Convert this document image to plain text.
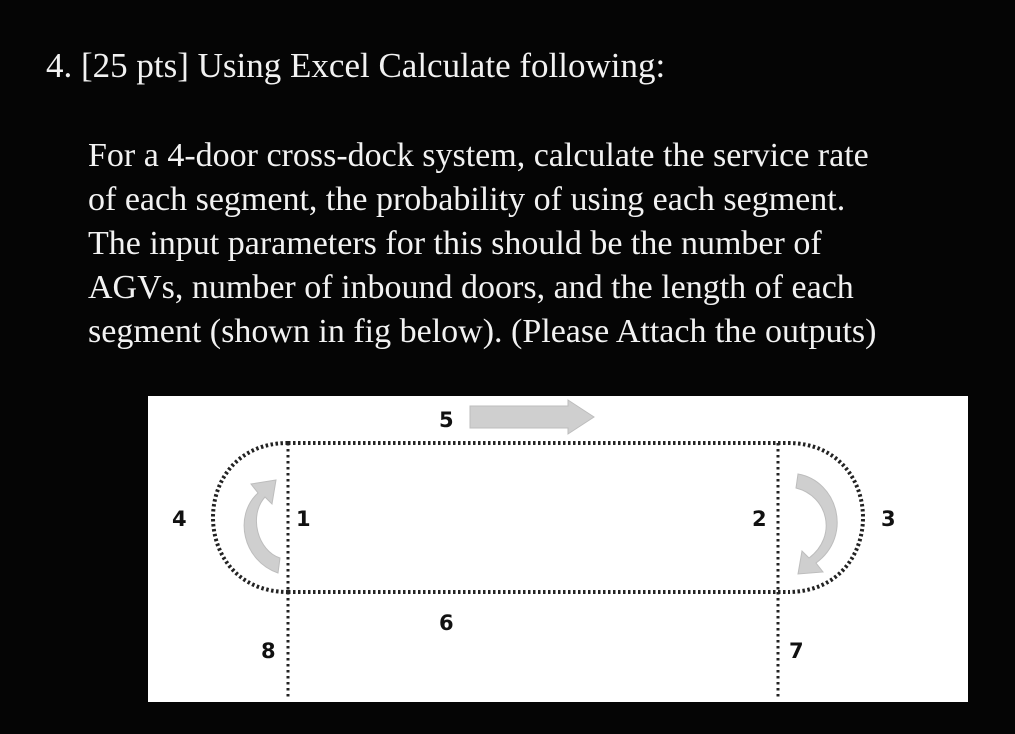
4. [25 pts] Using Excel Calculate following:
For a 4-door cross-dock system, calculate the service rate
of each segment, the probability of using each segment.
The input parameters for this should be the number of
AGVs, number of inbound doors, and the length of each
segment (shown in fig below). (Please Attach the outputs)
5
6
1	2
4	3
8	7
